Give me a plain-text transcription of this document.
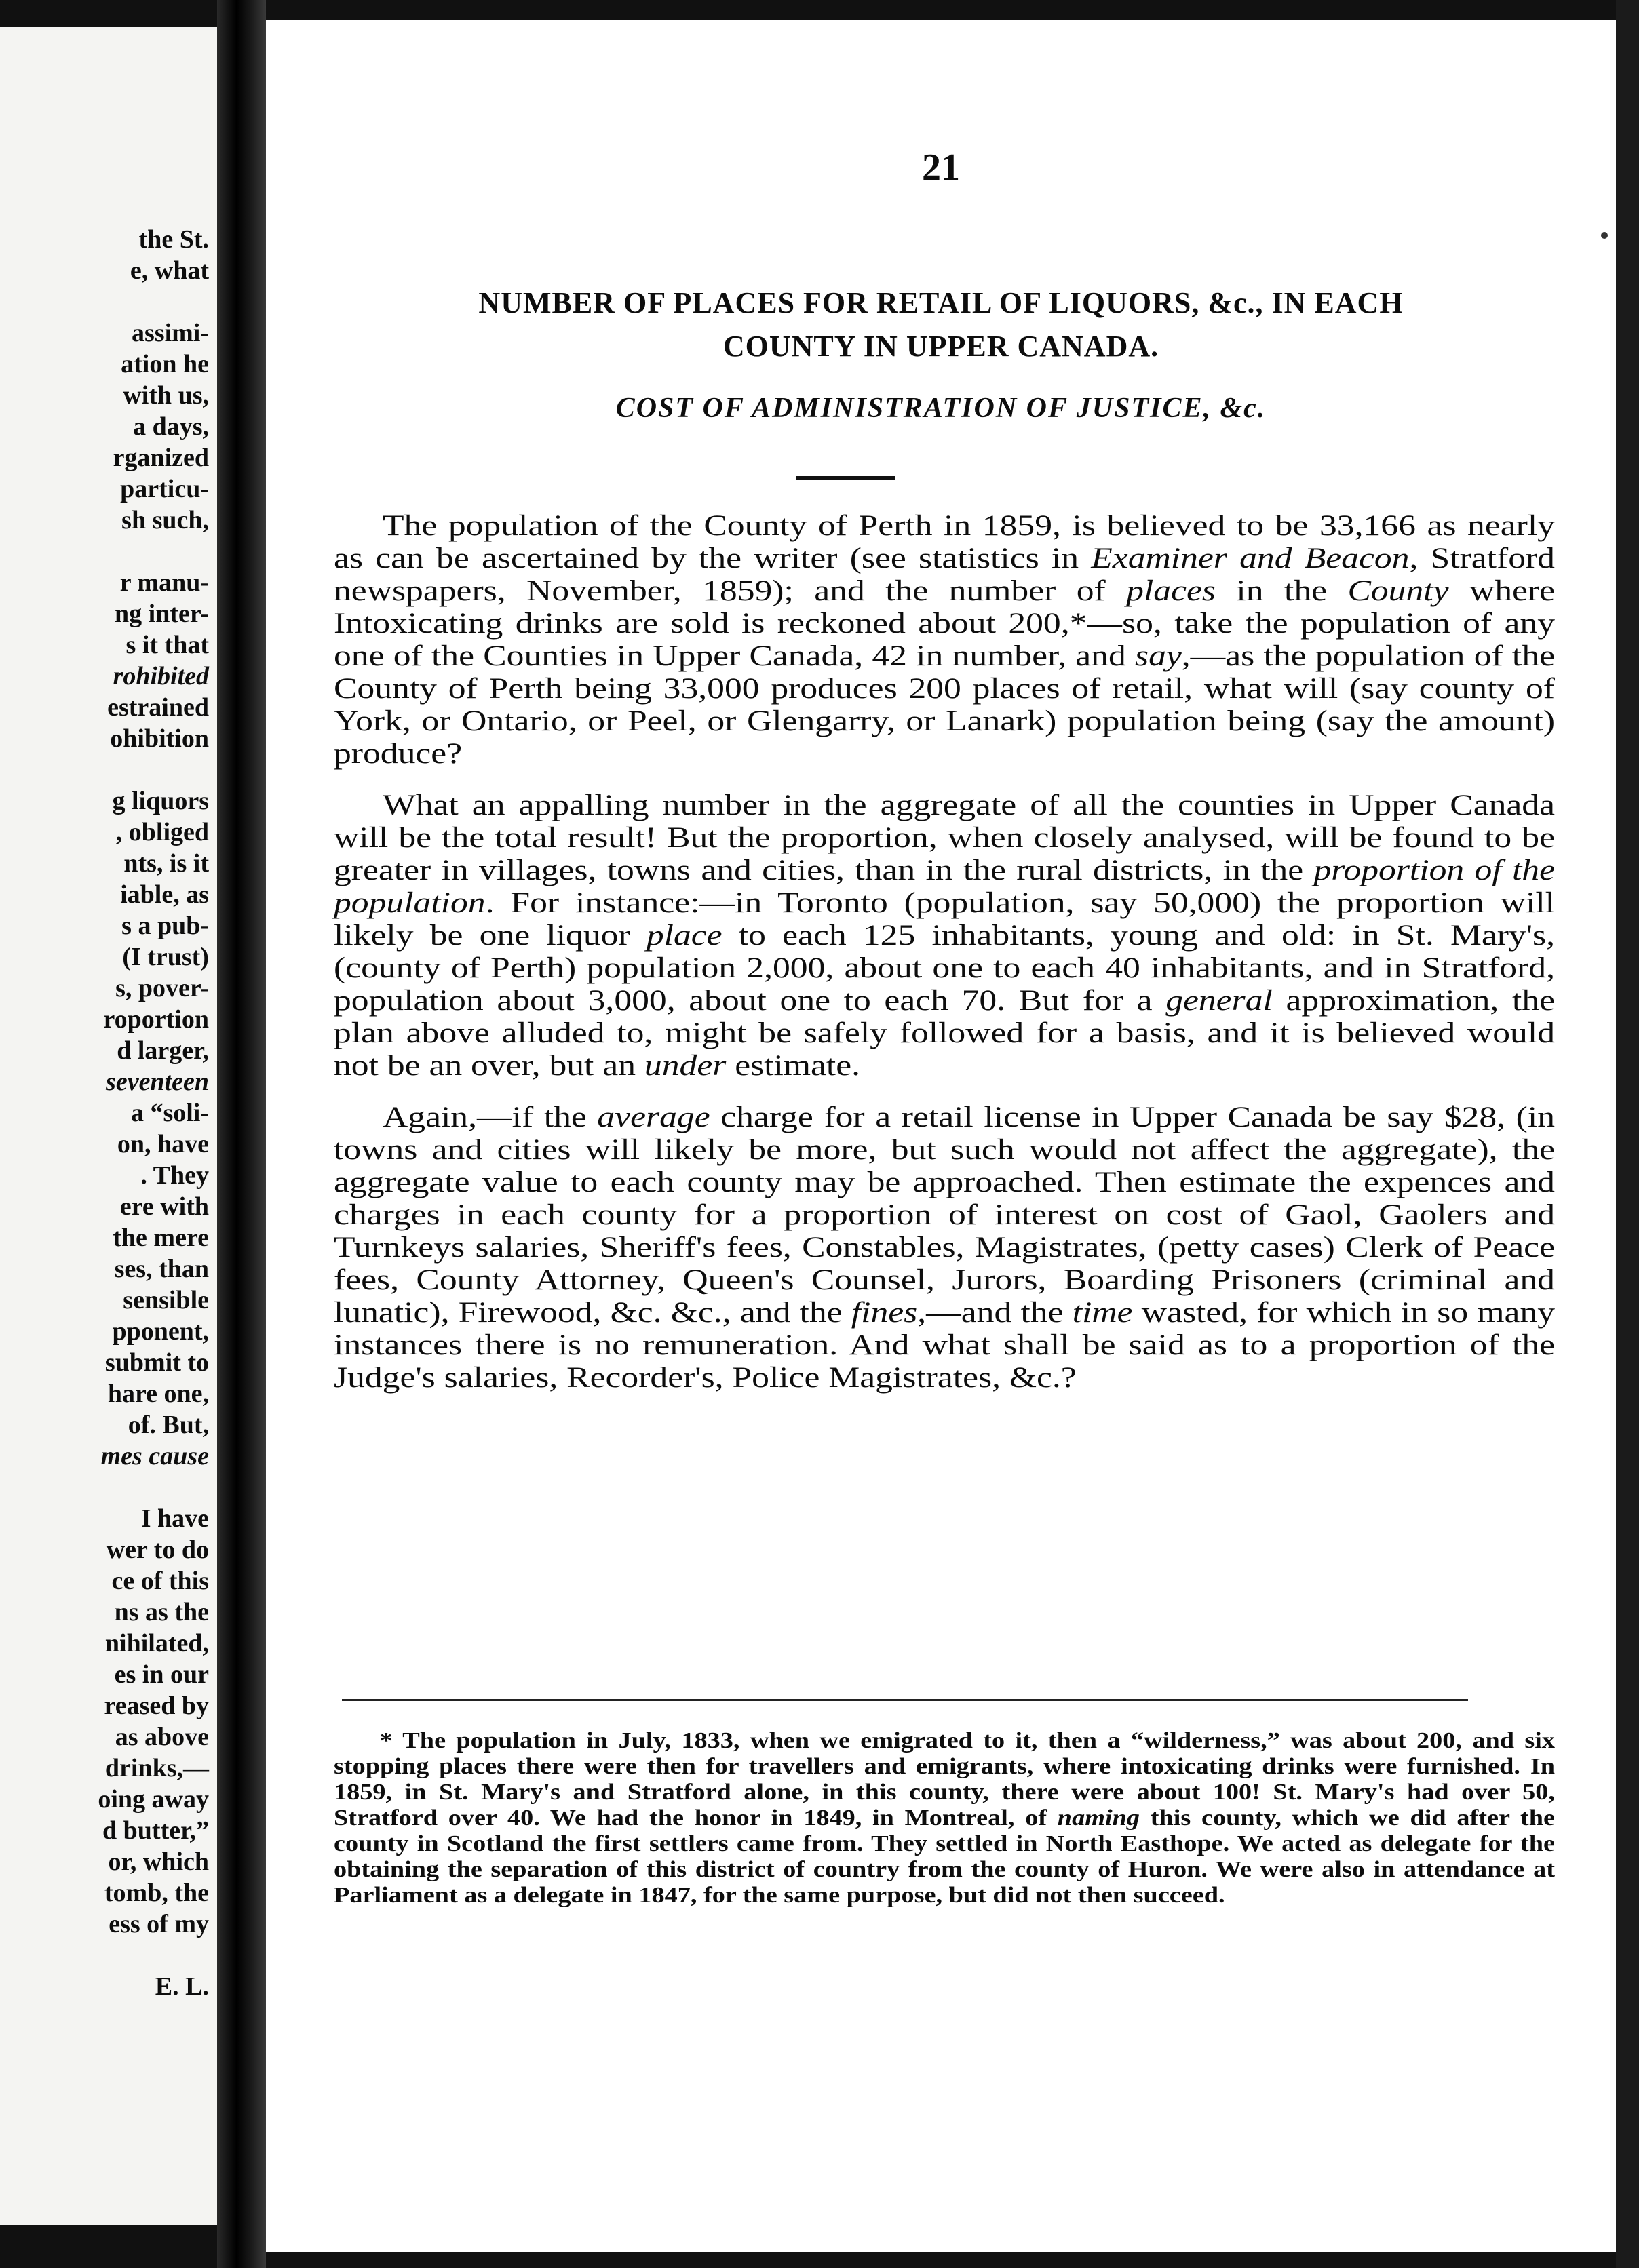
the St.
e, what
assimi-
ation he
with us,
a days,
rganized
particu-
sh such,
r manu-
ng inter-
s it that
rohibited
estrained
ohibition
g liquors
, obliged
nts, is it
iable, as
s a pub-
(I trust)
s, pover-
roportion
d larger,
seventeen
a “soli-
on, have
. They
ere with
the mere
ses, than
sensible
pponent,
submit to
hare one,
of. But,
mes cause
I have
wer to do
ce of this
ns as the
nihilated,
es in our
reased by
as above
drinks,—
oing away
d butter,”
or, which
tomb, the
ess of my
E. L.
21
NUMBER OF PLACES FOR RETAIL OF LIQUORS, &c., IN EACH
COUNTY IN UPPER CANADA.
COST OF ADMINISTRATION OF JUSTICE, &c.

The population of the County of Perth in 1859, is believed to be 33,166 as nearly as can be ascertained by the writer (see statistics in Examiner and Beacon, Stratford newspapers, November, 1859); and the number of places in the County where Intoxicating drinks are sold is reckoned about 200,*—so, take the population of any one of the Counties in Upper Canada, 42 in number, and say,—as the population of the County of Perth being 33,000 produces 200 places of retail, what will (say county of York, or Ontario, or Peel, or Glengarry, or Lanark) population being (say the amount) produce?

What an appalling number in the aggregate of all the counties in Upper Canada will be the total result! But the proportion, when closely analysed, will be found to be greater in villages, towns and cities, than in the rural districts, in the proportion of the population. For instance:—in Toronto (population, say 50,000) the proportion will likely be one liquor place to each 125 inhabitants, young and old: in St. Mary's, (county of Perth) population 2,000, about one to each 40 inhabitants, and in Stratford, population about 3,000, about one to each 70. But for a general approximation, the plan above alluded to, might be safely followed for a basis, and it is believed would not be an over, but an under estimate.

Again,—if the average charge for a retail license in Upper Canada be say $28, (in towns and cities will likely be more, but such would not affect the aggregate), the aggregate value to each county may be approached. Then estimate the expences and charges in each county for a proportion of interest on cost of Gaol, Gaolers and Turnkeys salaries, Sheriff's fees, Constables, Magistrates, (petty cases) Clerk of Peace fees, County Attorney, Queen's Counsel, Jurors, Boarding Prisoners (criminal and lunatic), Firewood, &c. &c., and the fines,—and the time wasted, for which in so many instances there is no remuneration. And what shall be said as to a proportion of the Judge's salaries, Recorder's, Police Magistrates, &c.?

* The population in July, 1833, when we emigrated to it, then a “wilderness,” was about 200, and six stopping places there were then for travellers and emigrants, where intoxicating drinks were furnished. In 1859, in St. Mary's and Stratford alone, in this county, there were about 100! St. Mary's had over 50, Stratford over 40. We had the honor in 1849, in Montreal, of naming this county, which we did after the county in Scotland the first settlers came from. They settled in North Easthope. We acted as delegate for the obtaining the separation of this district of country from the county of Huron. We were also in attendance at Parliament as a delegate in 1847, for the same purpose, but did not then succeed.
